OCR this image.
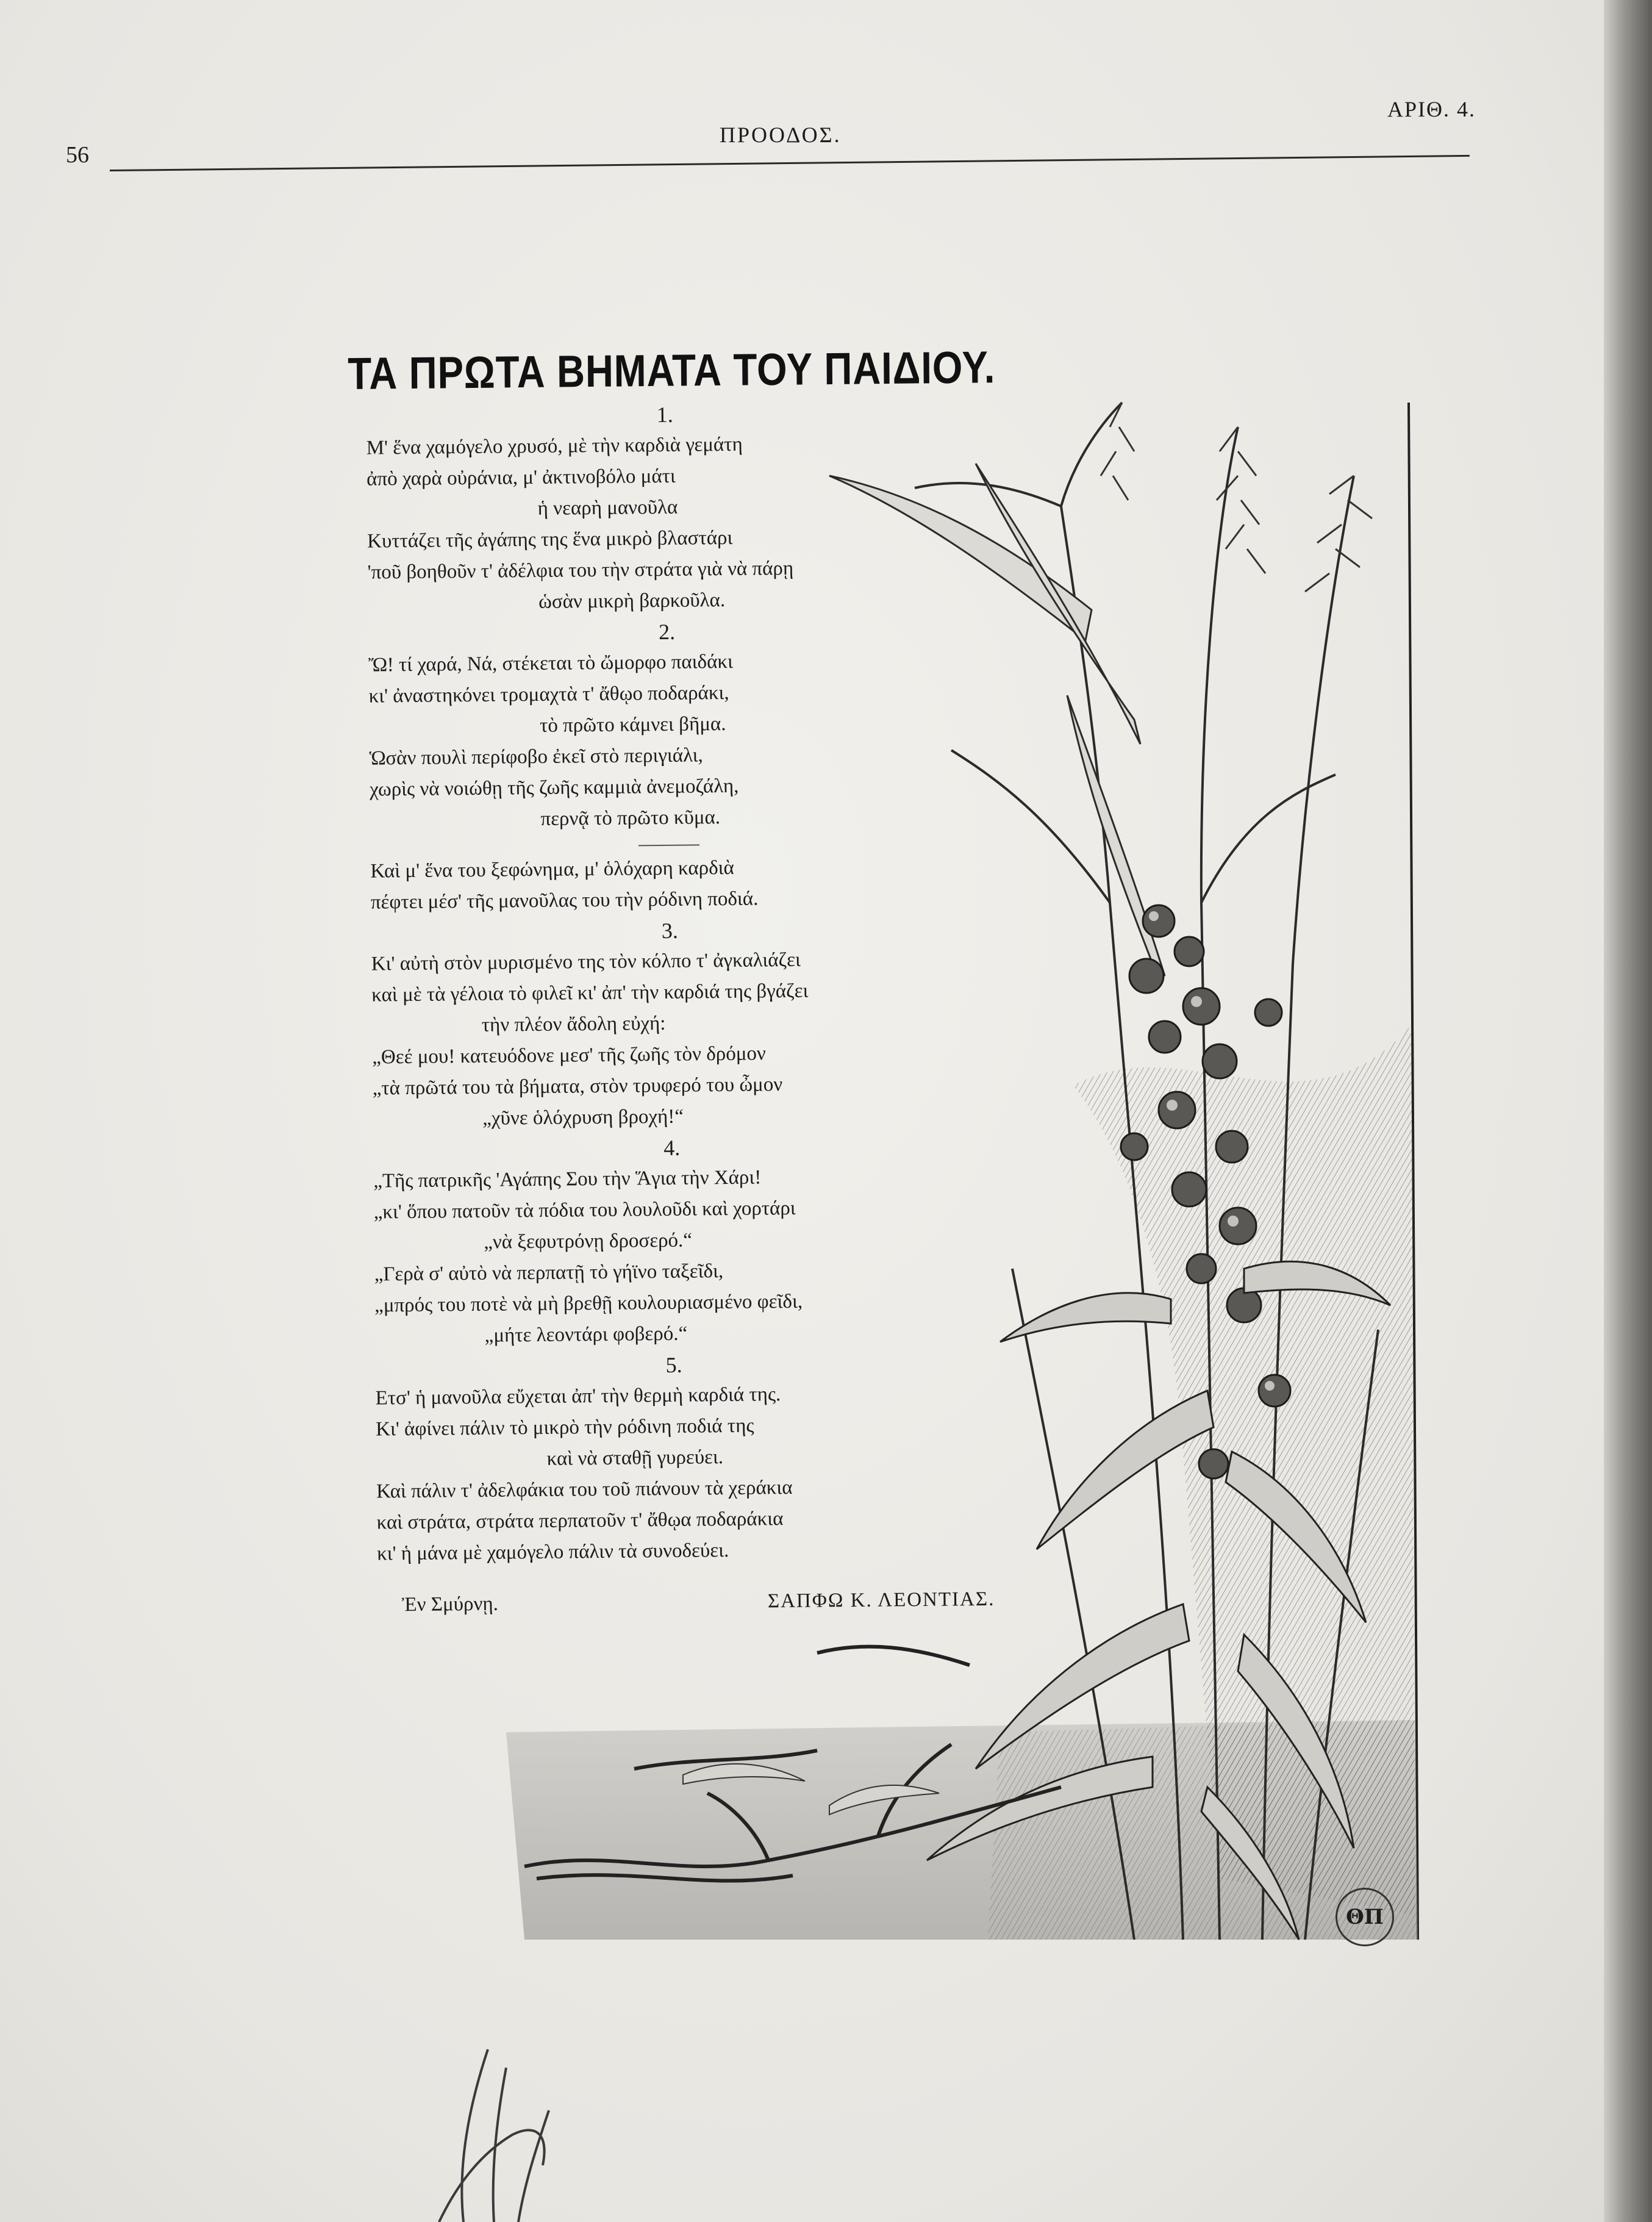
56
ΠΡΟΟΔΟΣ.
ΑΡΙΘ. 4.
ΤΑ ΠΡΩΤΑ ΒΗΜΑΤΑ ΤΟΥ ΠΑΙΔΙΟΥ.
1.
Μ' ἕνα χαμόγελο χρυσό, μὲ τὴν καρδιὰ γεμάτη
ἀπὸ χαρὰ οὐράνια, μ' ἀκτινοβόλο μάτι
ἡ νεαρὴ μανοῦλα
Κυττάζει τῆς ἀγάπης της ἕνα μικρὸ βλαστάρι
'ποῦ βοηθοῦν τ' ἀδέλφια του τὴν στράτα γιὰ νὰ πάρῃ
ὡσὰν μικρὴ βαρκοῦλα.
2.
Ὤ! τί χαρά, Νά, στέκεται τὸ ὤμορφο παιδάκι
κι' ἀναστηκόνει τρομαχτὰ τ' ἄθῳο ποδαράκι,
τὸ πρῶτο κάμνει βῆμα.
Ὡσὰν πουλὶ περίφοβο ἐκεῖ στὸ περιγιάλι,
χωρὶς νὰ νοιώθῃ τῆς ζωῆς καμμιὰ ἀνεμοζάλη,
περνᾷ τὸ πρῶτο κῦμα.
Καὶ μ' ἕνα του ξεφώνημα, μ' ὁλόχαρη καρδιὰ
πέφτει μέσ' τῆς μανοῦλας του τὴν ρόδινη ποδιά.
3.
Κι' αὐτὴ στὸν μυρισμένο της τὸν κόλπο τ' ἀγκαλιάζει
καὶ μὲ τὰ γέλοια τὸ φιλεῖ κι' ἀπ' τὴν καρδιά της βγάζει
τὴν πλέον ἄδολη εὐχή:
„Θεέ μου! κατευόδονε μεσ' τῆς ζωῆς τὸν δρόμον
„τὰ πρῶτά του τὰ βήματα, στὸν τρυφερό του ὦμον
„χῦνε ὁλόχρυση βροχή!“
4.
„Τῆς πατρικῆς 'Αγάπης Σου τὴν Ἅγια τὴν Χάρι!
„κι' ὅπου πατοῦν τὰ πόδια του λουλοῦδι καὶ χορτάρι
„νὰ ξεφυτρόνῃ δροσερό.“
„Γερὰ σ' αὐτὸ νὰ περπατῇ τὸ γήϊνο ταξεῖδι,
„μπρός του ποτὲ νὰ μὴ βρεθῇ κουλουριασμένο φεῖδι,
„μήτε λεοντάρι φοβερό.“
5.
Ετσ' ἡ μανοῦλα εὔχεται ἀπ' τὴν θερμὴ καρδιά της.
Κι' ἀφίνει πάλιν τὸ μικρὸ τὴν ρόδινη ποδιά της
καὶ νὰ σταθῇ γυρεύει.
Καὶ πάλιν τ' ἀδελφάκια του τοῦ πιάνουν τὰ χεράκια
καὶ στράτα, στράτα περπατοῦν τ' ἄθῳα ποδαράκια
κι' ἡ μάνα μὲ χαμόγελο πάλιν τὰ συνοδεύει.
Ἐν Σμύρνῃ.	ΣΑΠΦΩ Κ. ΛΕΟΝΤΙΑΣ.
ΘΠ
